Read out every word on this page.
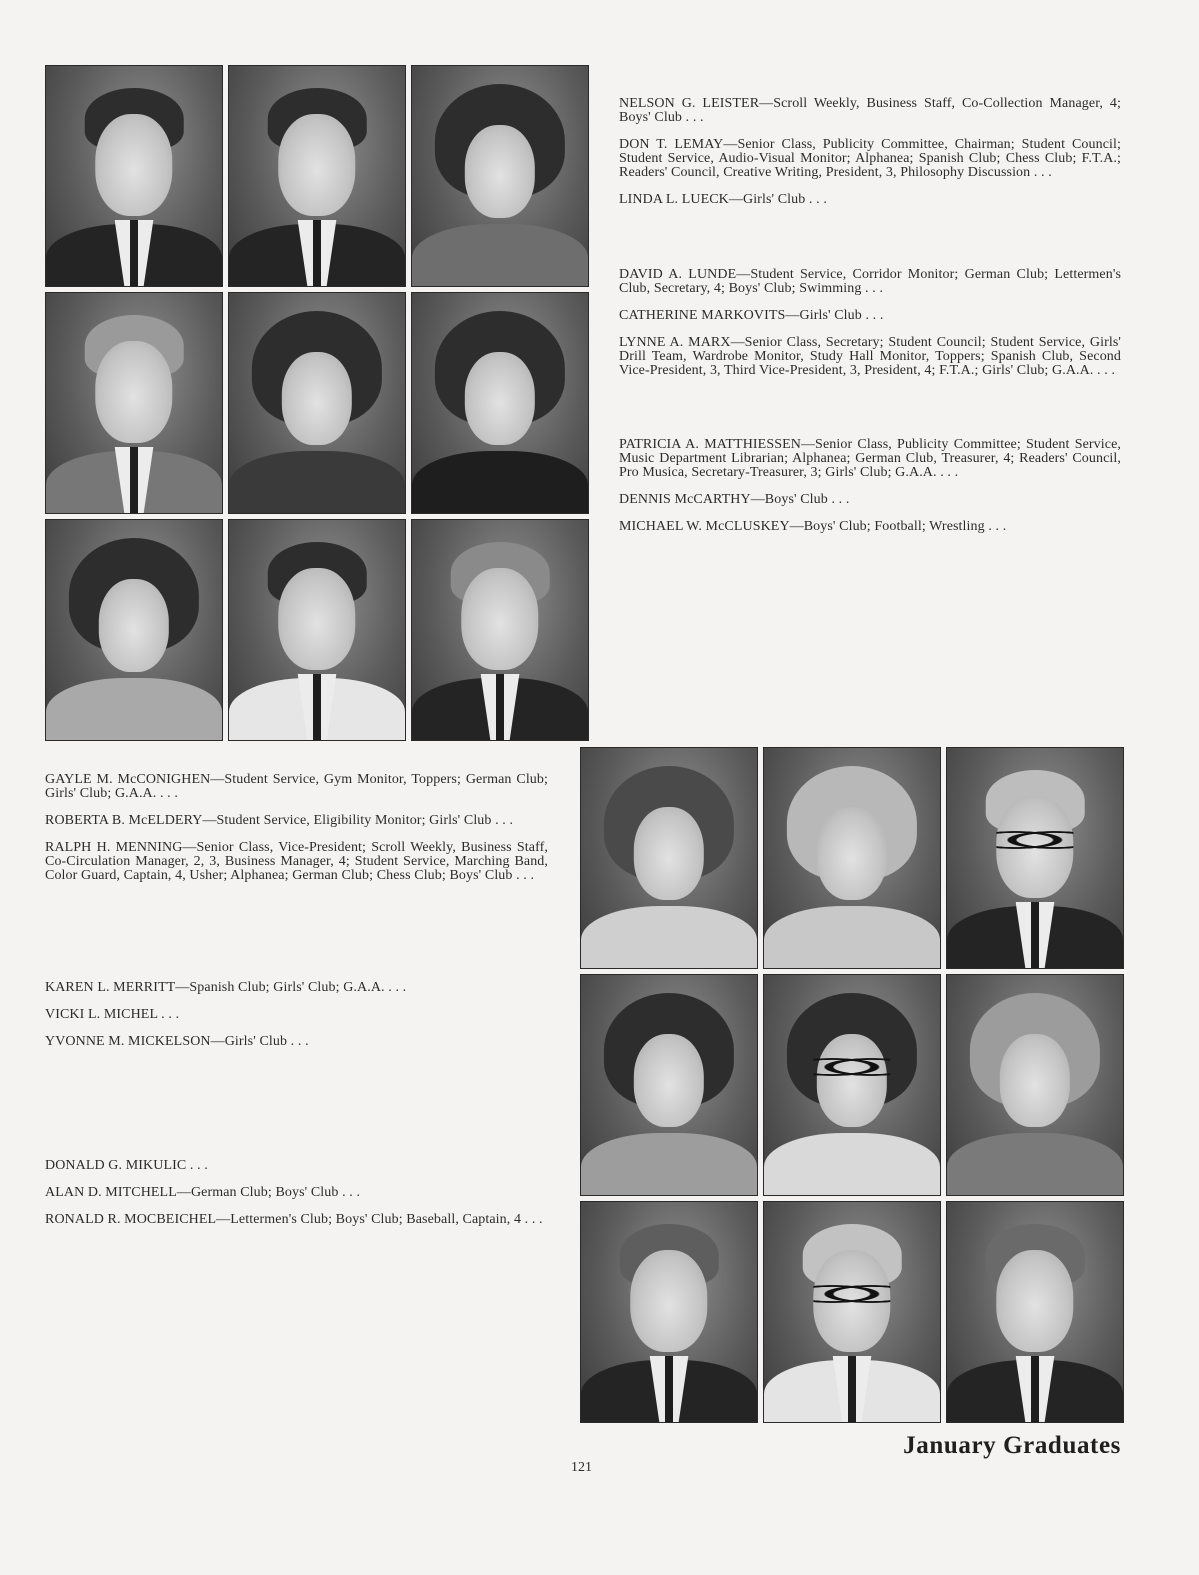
NELSON G. LEISTER—Scroll Weekly, Business Staff, Co-Collection Manager, 4; Boys' Club . . .

DON T. LEMAY—Senior Class, Publicity Committee, Chairman; Student Council; Student Service, Audio-Visual Monitor; Alphanea; Spanish Club; Chess Club; F.T.A.; Readers' Council, Creative Writing, President, 3, Philosophy Discussion . . .

LINDA L. LUECK—Girls' Club . . .

DAVID A. LUNDE—Student Service, Corridor Monitor; German Club; Lettermen's Club, Secretary, 4; Boys' Club; Swimming . . .

CATHERINE MARKOVITS—Girls' Club . . .

LYNNE A. MARX—Senior Class, Secretary; Student Council; Student Service, Girls' Drill Team, Wardrobe Monitor, Study Hall Monitor, Toppers; Spanish Club, Second Vice-President, 3, Third Vice-President, 3, President, 4; F.T.A.; Girls' Club; G.A.A. . . .

PATRICIA A. MATTHIESSEN—Senior Class, Publicity Committee; Student Service, Music Department Librarian; Alphanea; German Club, Treasurer, 4; Readers' Council, Pro Musica, Secretary-Treasurer, 3; Girls' Club; G.A.A. . . .

DENNIS McCARTHY—Boys' Club . . .

MICHAEL W. McCLUSKEY—Boys' Club; Football; Wrestling . . .

GAYLE M. McCONIGHEN—Student Service, Gym Monitor, Toppers; German Club; Girls' Club; G.A.A. . . .

ROBERTA B. McELDERY—Student Service, Eligibility Monitor; Girls' Club . . .

RALPH H. MENNING—Senior Class, Vice-President; Scroll Weekly, Business Staff, Co-Circulation Manager, 2, 3, Business Manager, 4; Student Service, Marching Band, Color Guard, Captain, 4, Usher; Alphanea; German Club; Chess Club; Boys' Club . . .

KAREN L. MERRITT—Spanish Club; Girls' Club; G.A.A. . . .

VICKI L. MICHEL . . .

YVONNE M. MICKELSON—Girls' Club . . .

DONALD G. MIKULIC . . .

ALAN D. MITCHELL—German Club; Boys' Club . . .

RONALD R. MOCBEICHEL—Lettermen's Club; Boys' Club; Baseball, Captain, 4 . . .

January Graduates
121
